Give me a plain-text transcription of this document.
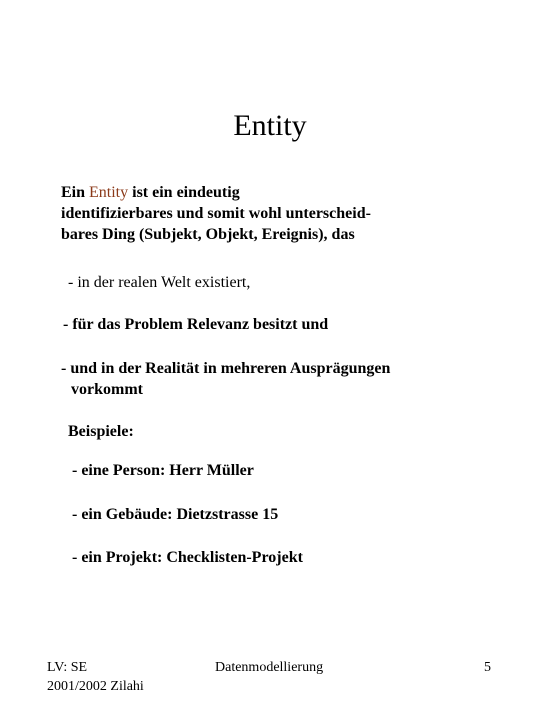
Entity
Ein Entity ist ein eindeutig
identifizierbares und somit wohl unterscheid-
bares Ding (Subjekt, Objekt, Ereignis), das
- in der realen Welt existiert,
- für das Problem Relevanz besitzt und
- und in der Realität in mehreren Ausprägungen
vorkommt
Beispiele:
- eine Person: Herr Müller
- ein Gebäude: Dietzstrasse 15
- ein Projekt: Checklisten-Projekt
LV: SE
2001/2002 Zilahi
Datenmodellierung	5
